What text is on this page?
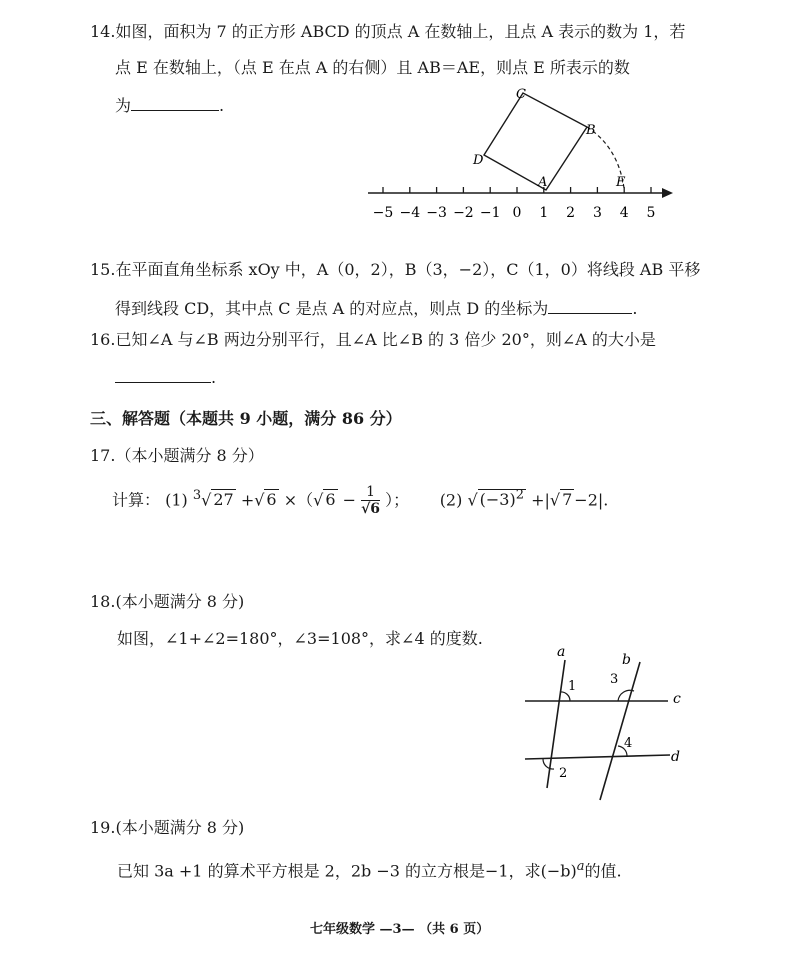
14.如图，面积为 7 的正方形 ABCD 的顶点 A 在数轴上，且点 A 表示的数为 1，若
点 E 在数轴上，（点 E 在点 A 的右侧）且 AB＝AE，则点 E 所表示的数
为	.
−5 −4 −3 −2 −1 0 1 2 3 4 5
A
B
C
D
E
15.在平面直角坐标系 xOy 中，A（0，2），B（3，−2），C（1，0）将线段 AB 平移
得到线段 CD，其中点 C 是点 A 的对应点，则点 D 的坐标为	.
16.已知∠A 与∠B 两边分别平行，且∠A 比∠B 的 3 倍少 20°，则∠A 的大小是
.
三、解答题（本题共 9 小题，满分 86 分）
17.（本小题满分 8 分）
计算： (1) $^3$√ 27 +√ 6 ×（√ $6 - \frac{1}{√6}$ ）； (2) √ $(-3)^2$ +|√ 7 −2|.
18.(本小题满分 8 分)
如图，∠1+∠2=180°，∠3=108°，求∠4 的度数.
a	b
c
d
1
2
3
4
19.(本小题满分 8 分)
已知 3a +1 的算术平方根是 2，2b −3 的立方根是−1，求$(-b)^a$的值.
七年级数学 —3— （共 6 页）
